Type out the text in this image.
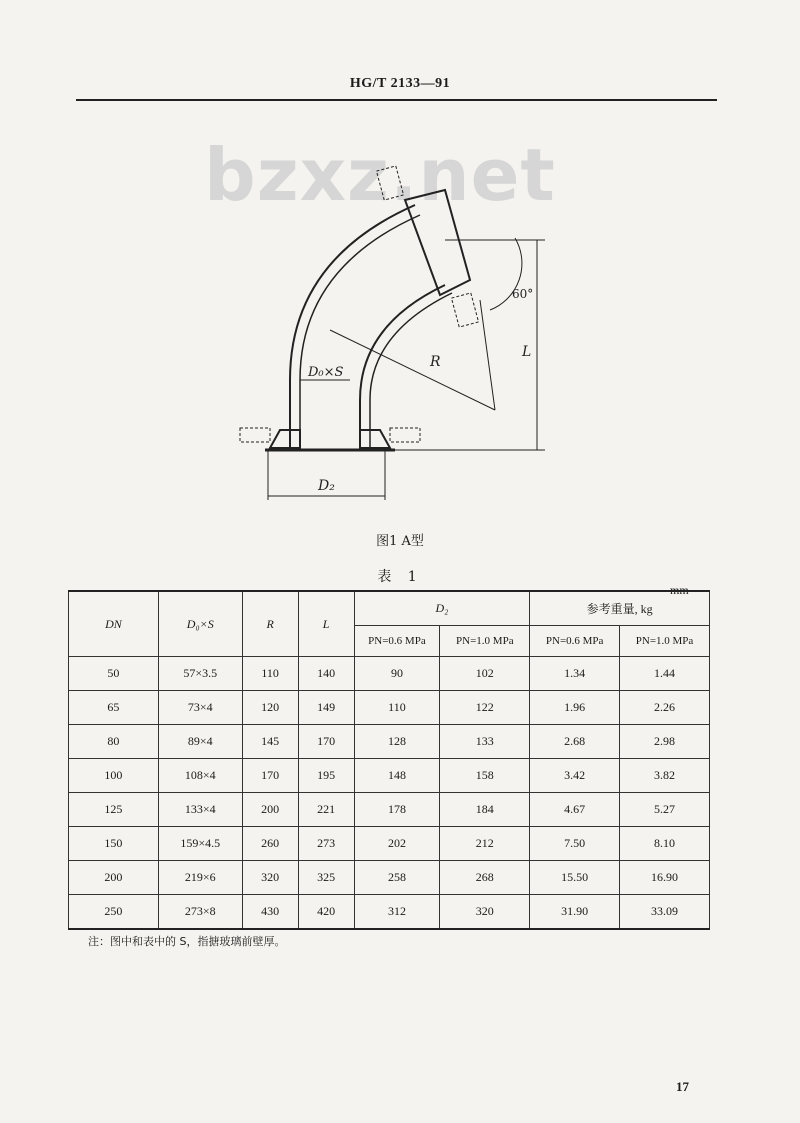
HG/T 2133—91
bzxz.net
D₀×S
R
L
D₂
60°
图1 A型
表 1
mm
DN	D₀×S	R	L	D₂		参考重量, kg	
				PN=0.6 MPa	PN=1.0 MPa	PN=0.6 MPa	PN=1.0 MPa
50	57×3.5	110	140	90	102	1.34	1.44
65	73×4	120	149	110	122	1.96	2.26
80	89×4	145	170	128	133	2.68	2.98
100	108×4	170	195	148	158	3.42	3.82
125	133×4	200	221	178	184	4.67	5.27
150	159×4.5	260	273	202	212	7.50	8.10
200	219×6	320	325	258	268	15.50	16.90
250	273×8	430	420	312	320	31.90	33.09
注：图中和表中的 S，指搪玻璃前壁厚。
17
